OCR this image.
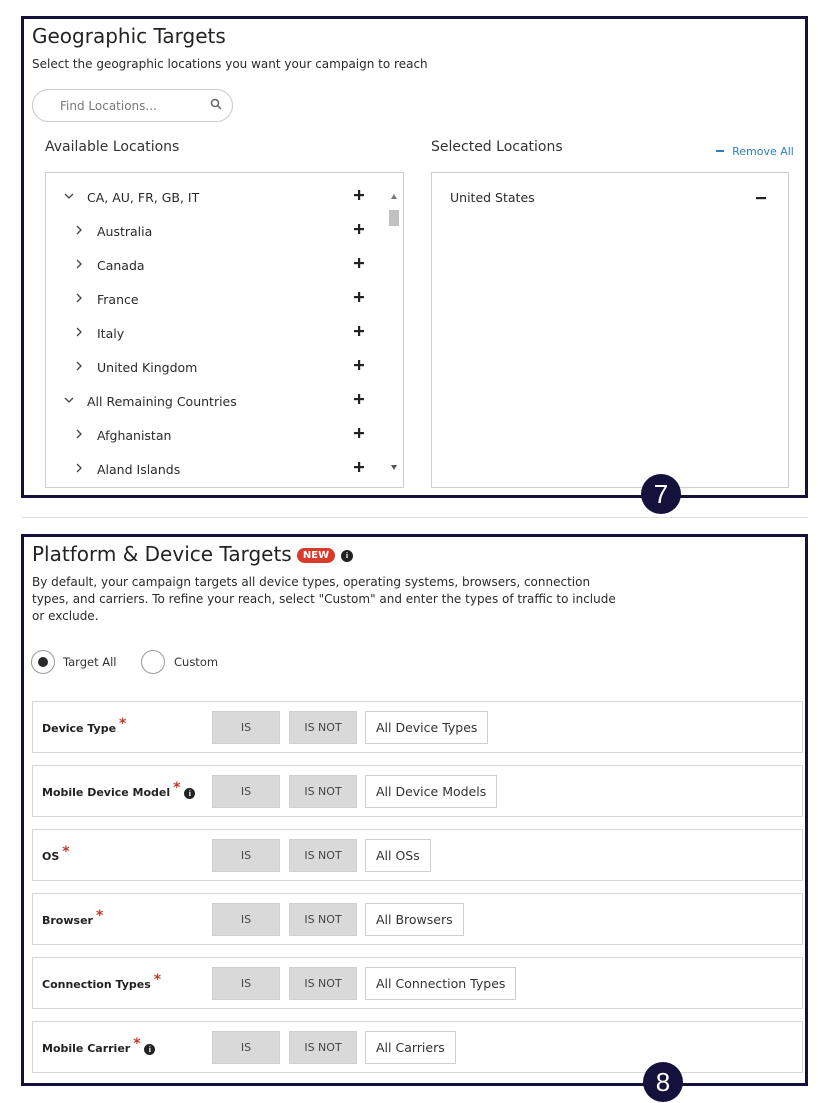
Geographic Targets
Select the geographic locations you want your campaign to reach
Find Locations...
Available Locations	Selected Locations	Remove All
CA, AU, FR, GB, IT
Australia
Canada
France
Italy
United Kingdom
All Remaining Countries
Afghanistan
Aland Islands
United States
7
Platform & Device Targets	NEW	i
By default, your campaign targets all device types, operating systems, browsers, connection
types, and carriers. To refine your reach, select "Custom" and enter the types of traffic to include
or exclude.
Target All	Custom
Device Type *	IS	IS NOT	All Device Types
Mobile Device Model * i	IS	IS NOT	All Device Models
OS *	IS	IS NOT	All OSs
Browser *	IS	IS NOT	All Browsers
Connection Types *	IS	IS NOT	All Connection Types
Mobile Carrier * i	IS	IS NOT	All Carriers
8
